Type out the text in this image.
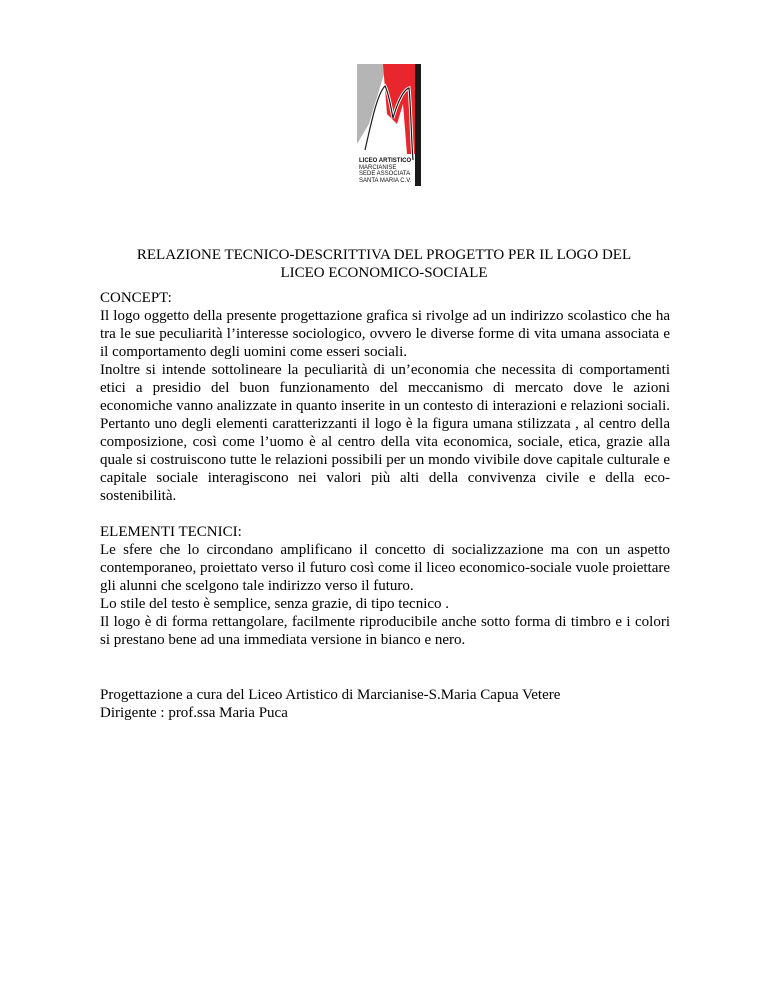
LICEO ARTISTICO
MARCIANISE
SEDE ASSOCIATA
SANTA MARIA C.V.
RELAZIONE TECNICO-DESCRITTIVA DEL PROGETTO PER IL LOGO DEL
LICEO ECONOMICO-SOCIALE

CONCEPT:

Il logo oggetto della presente progettazione grafica si rivolge ad un indirizzo scolastico che ha tra le sue peculiarità l’interesse sociologico, ovvero le diverse forme di vita umana associata e il comportamento degli uomini come esseri sociali.

Inoltre si intende sottolineare la peculiarità di un’economia che necessita di comportamenti etici a presidio del buon funzionamento del meccanismo di mercato dove le azioni economiche vanno analizzate in quanto inserite in un contesto di interazioni e relazioni sociali. Pertanto uno degli elementi caratterizzanti il logo è la figura umana stilizzata , al centro della composizione, così come l’uomo è al centro della vita economica, sociale, etica, grazie alla quale si costruiscono tutte le relazioni possibili per un mondo vivibile dove capitale culturale e capitale sociale interagiscono nei valori più alti della convivenza civile e della eco-sostenibilità.

ELEMENTI TECNICI:

Le sfere che lo circondano amplificano il concetto di socializzazione ma con un aspetto contemporaneo, proiettato verso il futuro così come il liceo economico-sociale vuole proiettare gli alunni che scelgono tale indirizzo verso il futuro.

Lo stile del testo è semplice, senza grazie, di tipo tecnico .

Il logo è di forma rettangolare, facilmente riproducibile anche sotto forma di timbro e i colori si prestano bene ad una immediata versione in bianco e nero.

Progettazione a cura del Liceo Artistico di Marcianise-S.Maria Capua Vetere

Dirigente : prof.ssa Maria Puca
